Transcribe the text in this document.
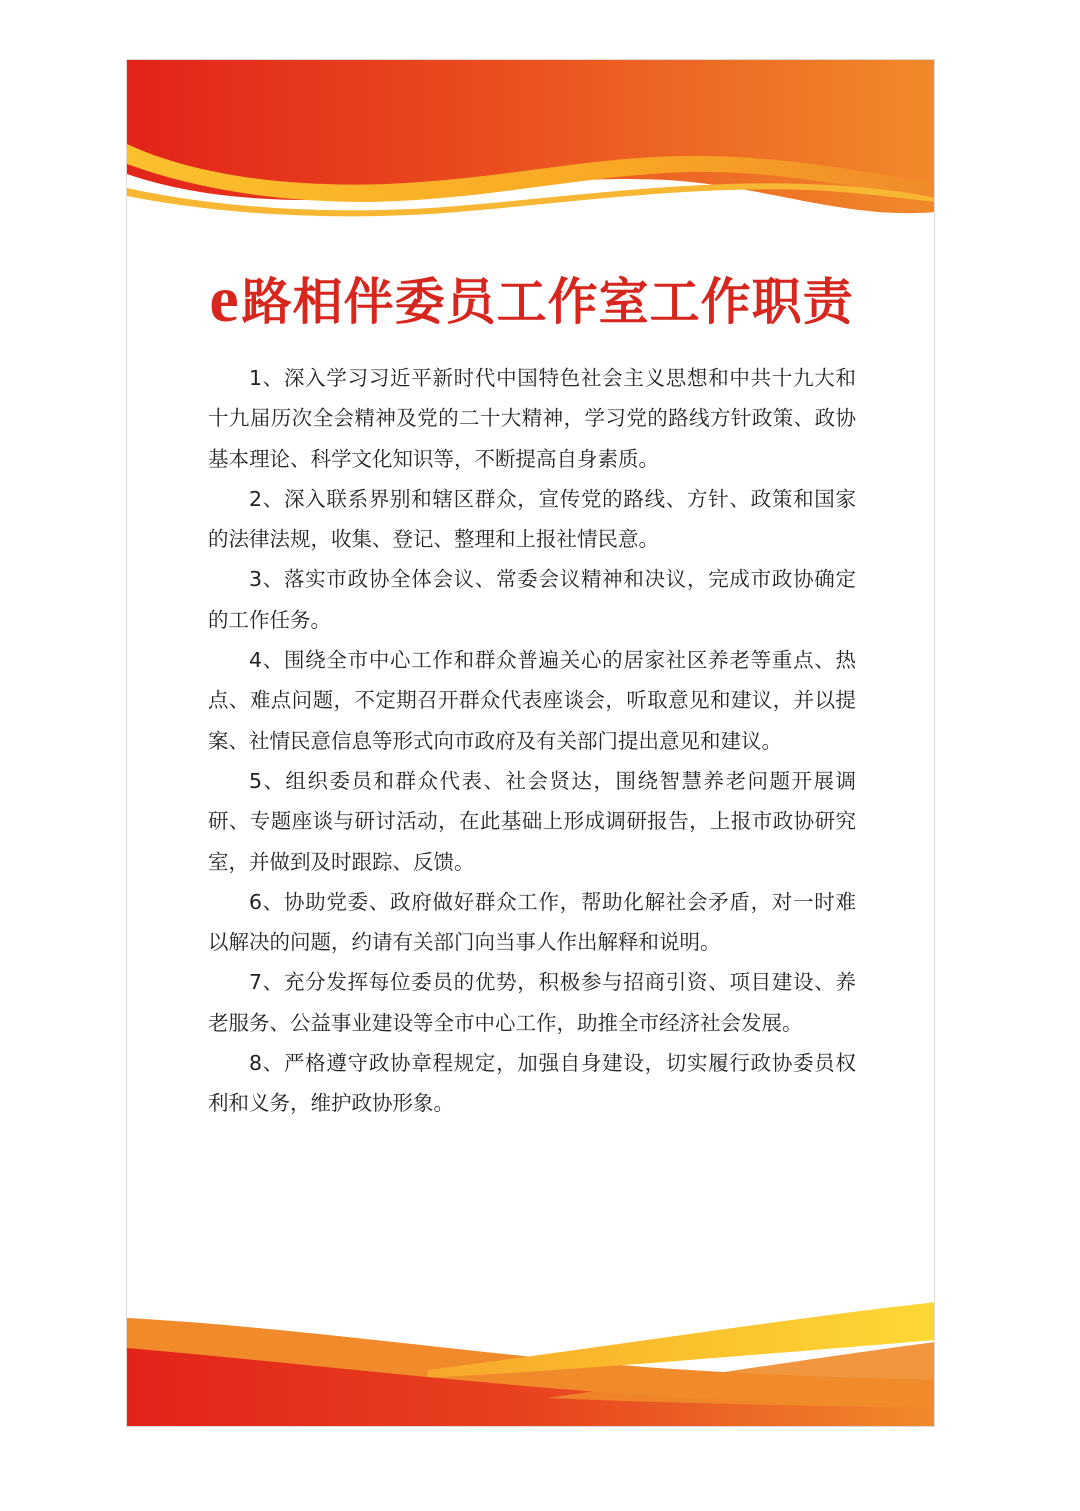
e路相伴委员工作室工作职责

1、深入学习习近平新时代中国特色社会主义思想和中共十九大和十九届历次全会精神及党的二十大精神，学习党的路线方针政策、政协基本理论、科学文化知识等，不断提高自身素质。

2、深入联系界别和辖区群众，宣传党的路线、方针、政策和国家的法律法规，收集、登记、整理和上报社情民意。

3、落实市政协全体会议、常委会议精神和决议，完成市政协确定的工作任务。

4、围绕全市中心工作和群众普遍关心的居家社区养老等重点、热点、难点问题，不定期召开群众代表座谈会，听取意见和建议，并以提案、社情民意信息等形式向市政府及有关部门提出意见和建议。

5、组织委员和群众代表、社会贤达，围绕智慧养老问题开展调研、专题座谈与研讨活动，在此基础上形成调研报告，上报市政协研究室，并做到及时跟踪、反馈。

6、协助党委、政府做好群众工作，帮助化解社会矛盾，对一时难以解决的问题，约请有关部门向当事人作出解释和说明。

7、充分发挥每位委员的优势，积极参与招商引资、项目建设、养老服务、公益事业建设等全市中心工作，助推全市经济社会发展。

8、严格遵守政协章程规定，加强自身建设，切实履行政协委员权利和义务，维护政协形象。
